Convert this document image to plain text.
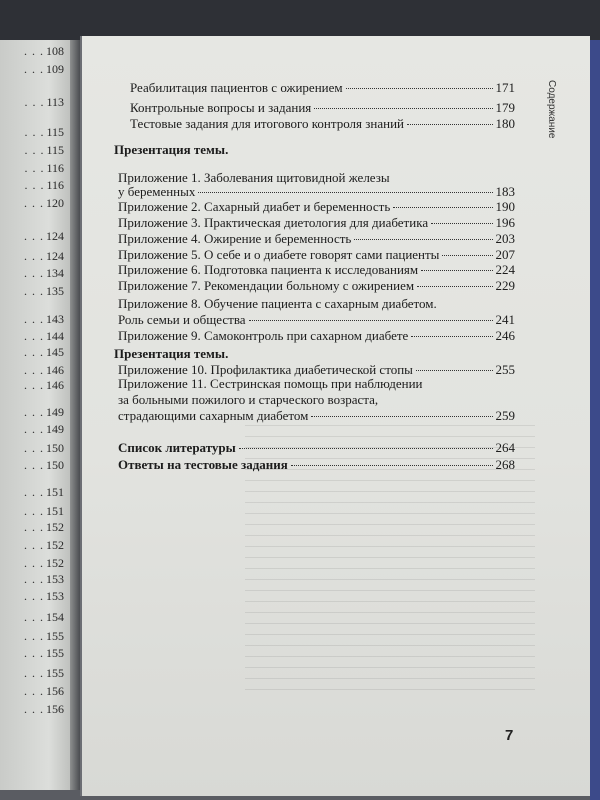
. . . 108
. . . 109
. . . 113
. . . 115
. . . 115
. . . 116
. . . 116
. . . 120
. . . 124
. . . 124
. . . 134
. . . 135
. . . 143
. . . 144
. . . 145
. . . 146
. . . 146
. . . 149
. . . 149
. . . 150
. . . 150
. . . 151
. . . 151
. . . 152
. . . 152
. . . 152
. . . 153
. . . 153
. . . 154
. . . 155
. . . 155
. . . 155
. . . 156
. . . 156
Содержание
Реабилитация пациентов с ожирением	171
Контрольные вопросы и задания	179
Тестовые задания для итогового контроля знаний	180
Презентация темы.
Приложение 1. Заболевания щитовидной железы
у беременных	183
Приложение 2. Сахарный диабет и беременность	190
Приложение 3. Практическая диетология для диабетика	196
Приложение 4. Ожирение и беременность	203
Приложение 5. О себе и о диабете говорят сами пациенты	207
Приложение 6. Подготовка пациента к исследованиям	224
Приложение 7. Рекомендации больному с ожирением	229
Приложение 8. Обучение пациента с сахарным диабетом.
Роль семьи и общества	241
Приложение 9. Самоконтроль при сахарном диабете	246
Презентация темы.
Приложение 10. Профилактика диабетической стопы	255
Приложение 11. Сестринская помощь при наблюдении
за больными пожилого и старческого возраста,
страдающими сахарным диабетом	259
Список литературы	264
Ответы на тестовые задания	268
7
